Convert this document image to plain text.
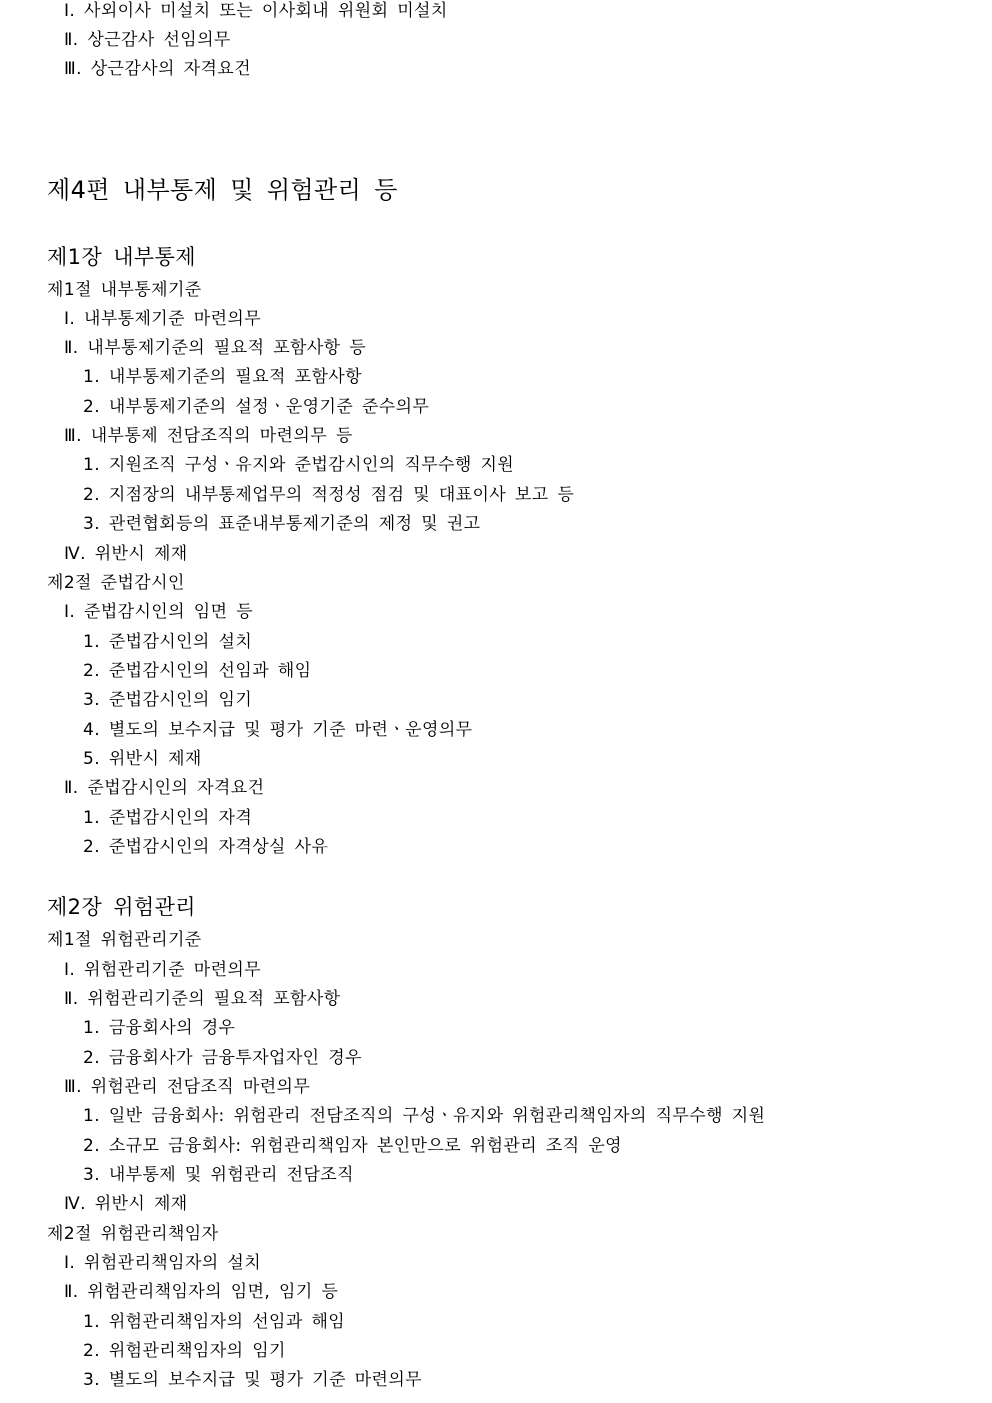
Ⅰ. 사외이사 미설치 또는 이사회내 위원회 미설치
Ⅱ. 상근감사 선임의무
Ⅲ. 상근감사의 자격요건
제4편 내부통제 및 위험관리 등
제1장 내부통제
제1절 내부통제기준
Ⅰ. 내부통제기준 마련의무
Ⅱ. 내부통제기준의 필요적 포함사항 등
1. 내부통제기준의 필요적 포함사항
2. 내부통제기준의 설정ㆍ운영기준 준수의무
Ⅲ. 내부통제 전담조직의 마련의무 등
1. 지원조직 구성ㆍ유지와 준법감시인의 직무수행 지원
2. 지점장의 내부통제업무의 적정성 점검 및 대표이사 보고 등
3. 관련협회등의 표준내부통제기준의 제정 및 권고
Ⅳ. 위반시 제재
제2절 준법감시인
Ⅰ. 준법감시인의 임면 등
1. 준법감시인의 설치
2. 준법감시인의 선임과 해임
3. 준법감시인의 임기
4. 별도의 보수지급 및 평가 기준 마련ㆍ운영의무
5. 위반시 제재
Ⅱ. 준법감시인의 자격요건
1. 준법감시인의 자격
2. 준법감시인의 자격상실 사유
제2장 위험관리
제1절 위험관리기준
Ⅰ. 위험관리기준 마련의무
Ⅱ. 위험관리기준의 필요적 포함사항
1. 금융회사의 경우
2. 금융회사가 금융투자업자인 경우
Ⅲ. 위험관리 전담조직 마련의무
1. 일반 금융회사: 위험관리 전담조직의 구성ㆍ유지와 위험관리책임자의 직무수행 지원
2. 소규모 금융회사: 위험관리책임자 본인만으로 위험관리 조직 운영
3. 내부통제 및 위험관리 전담조직
Ⅳ. 위반시 제재
제2절 위험관리책임자
Ⅰ. 위험관리책임자의 설치
Ⅱ. 위험관리책임자의 임면, 임기 등
1. 위험관리책임자의 선임과 해임
2. 위험관리책임자의 임기
3. 별도의 보수지급 및 평가 기준 마련의무
